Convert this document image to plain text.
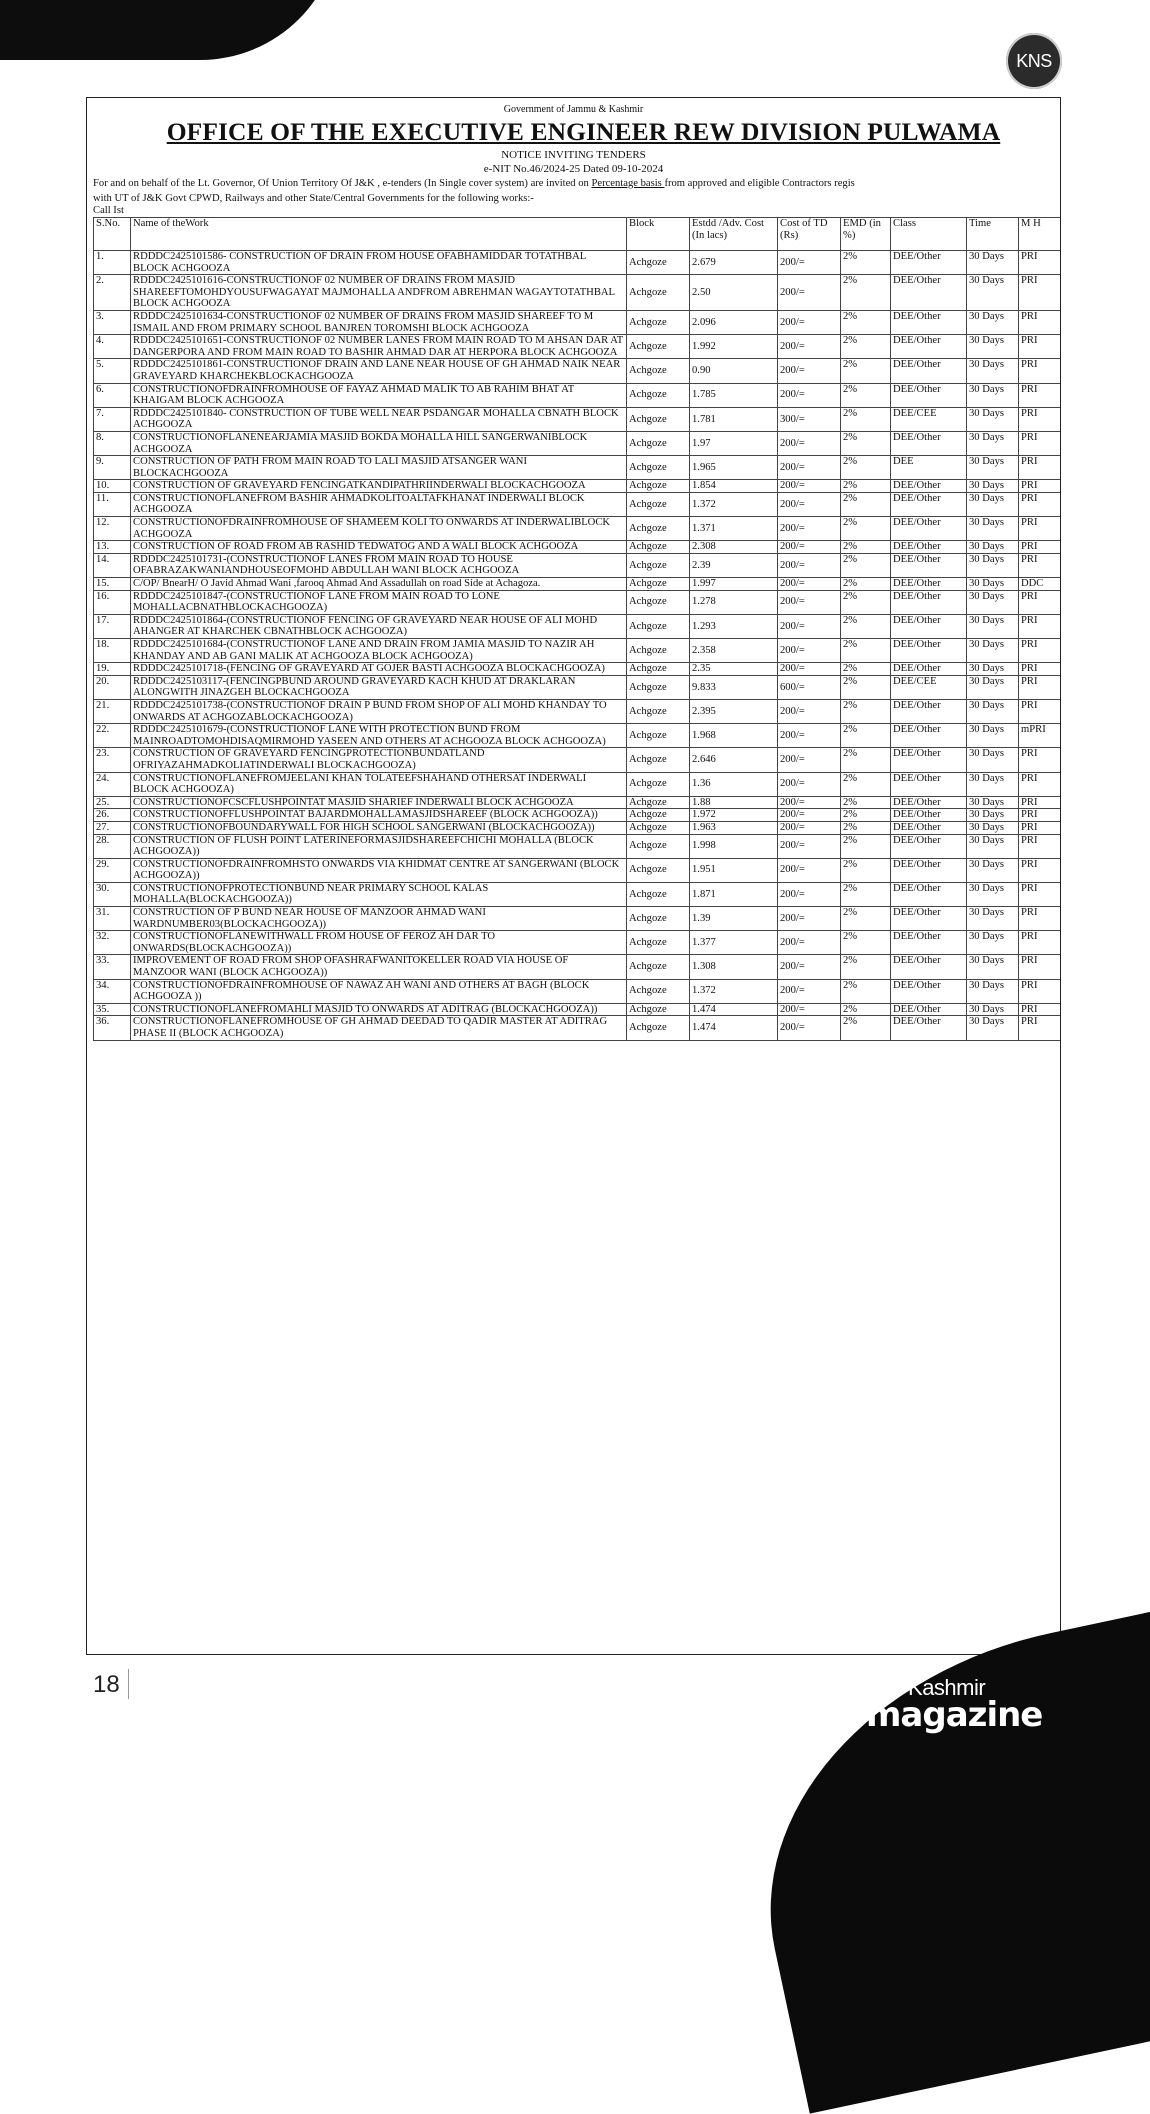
KNS
Government of Jammu & Kashmir
OFFICE OF THE EXECUTIVE ENGINEER REW DIVISION PULWAMA
NOTICE INVITING TENDERS
e-NIT No.46/2024-25 Dated 09-10-2024
For and on behalf of the Lt. Governor, Of Union Territory Of J&K , e-tenders (In Single cover system) are invited on Percentage basis from approved and eligible Contractors regis
with UT of J&K Govt CPWD, Railways and other State/Central Governments for the following works:-
Call Ist
S.No.	Name of theWork	Block	Estdd /Adv. Cost (In lacs)	Cost of TD (Rs)	EMD (in %)	Class	Time	M H
1.	RDDDC2425101586- CONSTRUCTION OF DRAIN FROM HOUSE OFABHAMIDDAR TOTATHBAL BLOCK ACHGOOZA	Achgoze	2.679	200/=	2%	DEE/Other	30 Days	PRI
2.	RDDDC2425101616-CONSTRUCTIONOF 02 NUMBER OF DRAINS FROM MASJID SHAREEFTOMOHDYOUSUFWAGAYAT MAJMOHALLA ANDFROM ABREHMAN WAGAYTOTATHBAL BLOCK ACHGOOZA	Achgoze	2.50	200/=	2%	DEE/Other	30 Days	PRI
3.	RDDDC2425101634-CONSTRUCTIONOF 02 NUMBER OF DRAINS FROM MASJID SHAREEF TO M ISMAIL AND FROM PRIMARY SCHOOL BANJREN TOROMSHI BLOCK ACHGOOZA	Achgoze	2.096	200/=	2%	DEE/Other	30 Days	PRI
4.	RDDDC2425101651-CONSTRUCTIONOF 02 NUMBER LANES FROM MAIN ROAD TO M AHSAN DAR AT DANGERPORA AND FROM MAIN ROAD TO BASHIR AHMAD DAR AT HERPORA BLOCK ACHGOOZA	Achgoze	1.992	200/=	2%	DEE/Other	30 Days	PRI
5.	RDDDC2425101861-CONSTRUCTIONOF DRAIN AND LANE NEAR HOUSE OF GH AHMAD NAIK NEAR GRAVEYARD KHARCHEKBLOCKACHGOOZA	Achgoze	0.90	200/=	2%	DEE/Other	30 Days	PRI
6.	CONSTRUCTIONOFDRAINFROMHOUSE OF FAYAZ AHMAD MALIK TO AB RAHIM BHAT AT KHAIGAM BLOCK ACHGOOZA	Achgoze	1.785	200/=	2%	DEE/Other	30 Days	PRI
7.	RDDDC2425101840- CONSTRUCTION OF TUBE WELL NEAR PSDANGAR MOHALLA CBNATH BLOCK ACHGOOZA	Achgoze	1.781	300/=	2%	DEE/CEE	30 Days	PRI
8.	CONSTRUCTIONOFLANENEARJAMIA MASJID BOKDA MOHALLA HILL SANGERWANIBLOCK ACHGOOZA	Achgoze	1.97	200/=	2%	DEE/Other	30 Days	PRI
9.	CONSTRUCTION OF PATH FROM MAIN ROAD TO LALI MASJID ATSANGER WANI BLOCKACHGOOZA	Achgoze	1.965	200/=	2%	DEE	30 Days	PRI
10.	CONSTRUCTION OF GRAVEYARD FENCINGATKANDIPATHRIINDERWALI BLOCKACHGOOZA	Achgoze	1.854	200/=	2%	DEE/Other	30 Days	PRI
11.	CONSTRUCTIONOFLANEFROM BASHIR AHMADKOLITOALTAFKHANAT INDERWALI BLOCK ACHGOOZA	Achgoze	1.372	200/=	2%	DEE/Other	30 Days	PRI
12.	CONSTRUCTIONOFDRAINFROMHOUSE OF SHAMEEM KOLI TO ONWARDS AT INDERWALIBLOCK ACHGOOZA	Achgoze	1.371	200/=	2%	DEE/Other	30 Days	PRI
13.	CONSTRUCTION OF ROAD FROM AB RASHID TEDWATOG AND A WALI BLOCK ACHGOOZA	Achgoze	2.308	200/=	2%	DEE/Other	30 Days	PRI
14.	RDDDC2425101731-(CONSTRUCTIONOF LANES FROM MAIN ROAD TO HOUSE OFABRAZAKWANIANDHOUSEOFMOHD ABDULLAH WANI BLOCK ACHGOOZA	Achgoze	2.39	200/=	2%	DEE/Other	30 Days	PRI
15.	C/OP/ BnearH/ O Javid Ahmad Wani ,farooq Ahmad And Assadullah on road Side at Achagoza.	Achgoze	1.997	200/=	2%	DEE/Other	30 Days	DDC
16.	RDDDC2425101847-(CONSTRUCTIONOF LANE FROM MAIN ROAD TO LONE MOHALLACBNATHBLOCKACHGOOZA)	Achgoze	1.278	200/=	2%	DEE/Other	30 Days	PRI
17.	RDDDC2425101864-(CONSTRUCTIONOF FENCING OF GRAVEYARD NEAR HOUSE OF ALI MOHD AHANGER AT KHARCHEK CBNATHBLOCK ACHGOOZA)	Achgoze	1.293	200/=	2%	DEE/Other	30 Days	PRI
18.	RDDDC2425101684-(CONSTRUCTIONOF LANE AND DRAIN FROM JAMIA MASJID TO NAZIR AH KHANDAY AND AB GANI MALIK AT ACHGOOZA BLOCK ACHGOOZA)	Achgoze	2.358	200/=	2%	DEE/Other	30 Days	PRI
19.	RDDDC2425101718-(FENCING OF GRAVEYARD AT GOJER BASTI ACHGOOZA BLOCKACHGOOZA)	Achgoze	2.35	200/=	2%	DEE/Other	30 Days	PRI
20.	RDDDC2425103117-(FENCINGPBUND AROUND GRAVEYARD KACH KHUD AT DRAKLARAN ALONGWITH JINAZGEH BLOCKACHGOOZA	Achgoze	9.833	600/=	2%	DEE/CEE	30 Days	PRI
21.	RDDDC2425101738-(CONSTRUCTIONOF DRAIN P BUND FROM SHOP OF ALI MOHD KHANDAY TO ONWARDS AT ACHGOZABLOCKACHGOOZA)	Achgoze	2.395	200/=	2%	DEE/Other	30 Days	PRI
22.	RDDDC2425101679-(CONSTRUCTIONOF LANE WITH PROTECTION BUND FROM MAINROADTOMOHDISAQMIRMOHD YASEEN AND OTHERS AT ACHGOOZA BLOCK ACHGOOZA)	Achgoze	1.968	200/=	2%	DEE/Other	30 Days	mPRI
23.	CONSTRUCTION OF GRAVEYARD FENCINGPROTECTIONBUNDATLAND OFRIYAZAHMADKOLIATINDERWALI BLOCKACHGOOZA)	Achgoze	2.646	200/=	2%	DEE/Other	30 Days	PRI
24.	CONSTRUCTIONOFLANEFROMJEELANI KHAN TOLATEEFSHAHAND OTHERSAT INDERWALI BLOCK ACHGOOZA)	Achgoze	1.36	200/=	2%	DEE/Other	30 Days	PRI
25.	CONSTRUCTIONOFCSCFLUSHPOINTAT MASJID SHARIEF INDERWALI BLOCK ACHGOOZA	Achgoze	1.88	200/=	2%	DEE/Other	30 Days	PRI
26.	CONSTRUCTIONOFFLUSHPOINTAT BAJARDMOHALLAMASJIDSHAREEF (BLOCK ACHGOOZA))	Achgoze	1.972	200/=	2%	DEE/Other	30 Days	PRI
27.	CONSTRUCTIONOFBOUNDARYWALL FOR HIGH SCHOOL SANGERWANI (BLOCKACHGOOZA))	Achgoze	1.963	200/=	2%	DEE/Other	30 Days	PRI
28.	CONSTRUCTION OF FLUSH POINT LATERINEFORMASJIDSHAREEFCHICHI MOHALLA (BLOCK ACHGOOZA))	Achgoze	1.998	200/=	2%	DEE/Other	30 Days	PRI
29.	CONSTRUCTIONOFDRAINFROMHSTO ONWARDS VIA KHIDMAT CENTRE AT SANGERWANI (BLOCK ACHGOOZA))	Achgoze	1.951	200/=	2%	DEE/Other	30 Days	PRI
30.	CONSTRUCTIONOFPROTECTIONBUND NEAR PRIMARY SCHOOL KALAS MOHALLA(BLOCKACHGOOZA))	Achgoze	1.871	200/=	2%	DEE/Other	30 Days	PRI
31.	CONSTRUCTION OF P BUND NEAR HOUSE OF MANZOOR AHMAD WANI WARDNUMBER03(BLOCKACHGOOZA))	Achgoze	1.39	200/=	2%	DEE/Other	30 Days	PRI
32.	CONSTRUCTIONOFLANEWITHWALL FROM HOUSE OF FEROZ AH DAR TO ONWARDS(BLOCKACHGOOZA))	Achgoze	1.377	200/=	2%	DEE/Other	30 Days	PRI
33.	IMPROVEMENT OF ROAD FROM SHOP OFASHRAFWANITOKELLER ROAD VIA HOUSE OF MANZOOR WANI (BLOCK ACHGOOZA))	Achgoze	1.308	200/=	2%	DEE/Other	30 Days	PRI
34.	CONSTRUCTIONOFDRAINFROMHOUSE OF NAWAZ AH WANI AND OTHERS AT BAGH (BLOCK ACHGOOZA ))	Achgoze	1.372	200/=	2%	DEE/Other	30 Days	PRI
35.	CONSTRUCTIONOFLANEFROMAHLI MASJID TO ONWARDS AT ADITRAG (BLOCKACHGOOZA))	Achgoze	1.474	200/=	2%	DEE/Other	30 Days	PRI
36.	CONSTRUCTIONOFLANEFROMHOUSE OF GH AHMAD DEEDAD TO QADIR MASTER AT ADITRAG PHASE II (BLOCK ACHGOOZA)	Achgoze	1.474	200/=	2%	DEE/Other	30 Days	PRI
18	The Kashmir
magazine
